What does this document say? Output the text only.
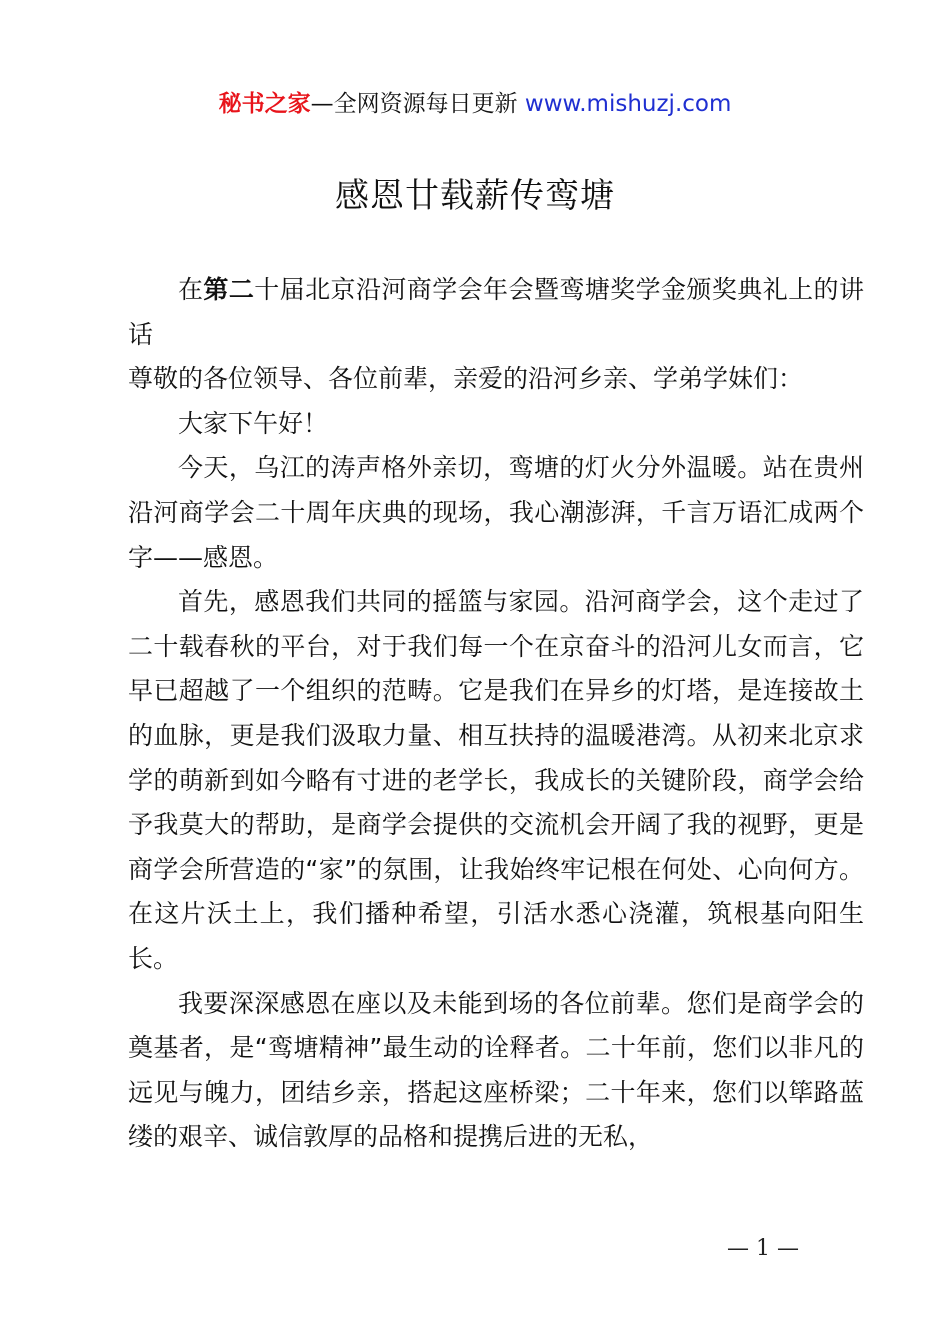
秘书之家—全网资源每日更新 www.mishuzj.com
感恩廿载薪传鸾塘

在第二十届北京沿河商学会年会暨鸾塘奖学金颁奖典礼上的讲话

尊敬的各位领导、各位前辈，亲爱的沿河乡亲、学弟学妹们：

大家下午好！

今天，乌江的涛声格外亲切，鸾塘的灯火分外温暖。站在贵州沿河商学会二十周年庆典的现场，我心潮澎湃，千言万语汇成两个字——感恩。

首先，感恩我们共同的摇篮与家园。沿河商学会，这个走过了二十载春秋的平台，对于我们每一个在京奋斗的沿河儿女而言，它早已超越了一个组织的范畴。它是我们在异乡的灯塔，是连接故土的血脉，更是我们汲取力量、相互扶持的温暖港湾。从初来北京求学的萌新到如今略有寸进的老学长，我成长的关键阶段，商学会给予我莫大的帮助，是商学会提供的交流机会开阔了我的视野，更是商学会所营造的“家”的氛围，让我始终牢记根在何处、心向何方。在这片沃土上，我们播种希望，引活水悉心浇灌，筑根基向阳生长。

我要深深感恩在座以及未能到场的各位前辈。您们是商学会的奠基者，是“鸾塘精神”最生动的诠释者。二十年前，您们以非凡的远见与魄力，团结乡亲，搭起这座桥梁；二十年来，您们以筚路蓝缕的艰辛、诚信敦厚的品格和提携后进的无私，

— 1 —
